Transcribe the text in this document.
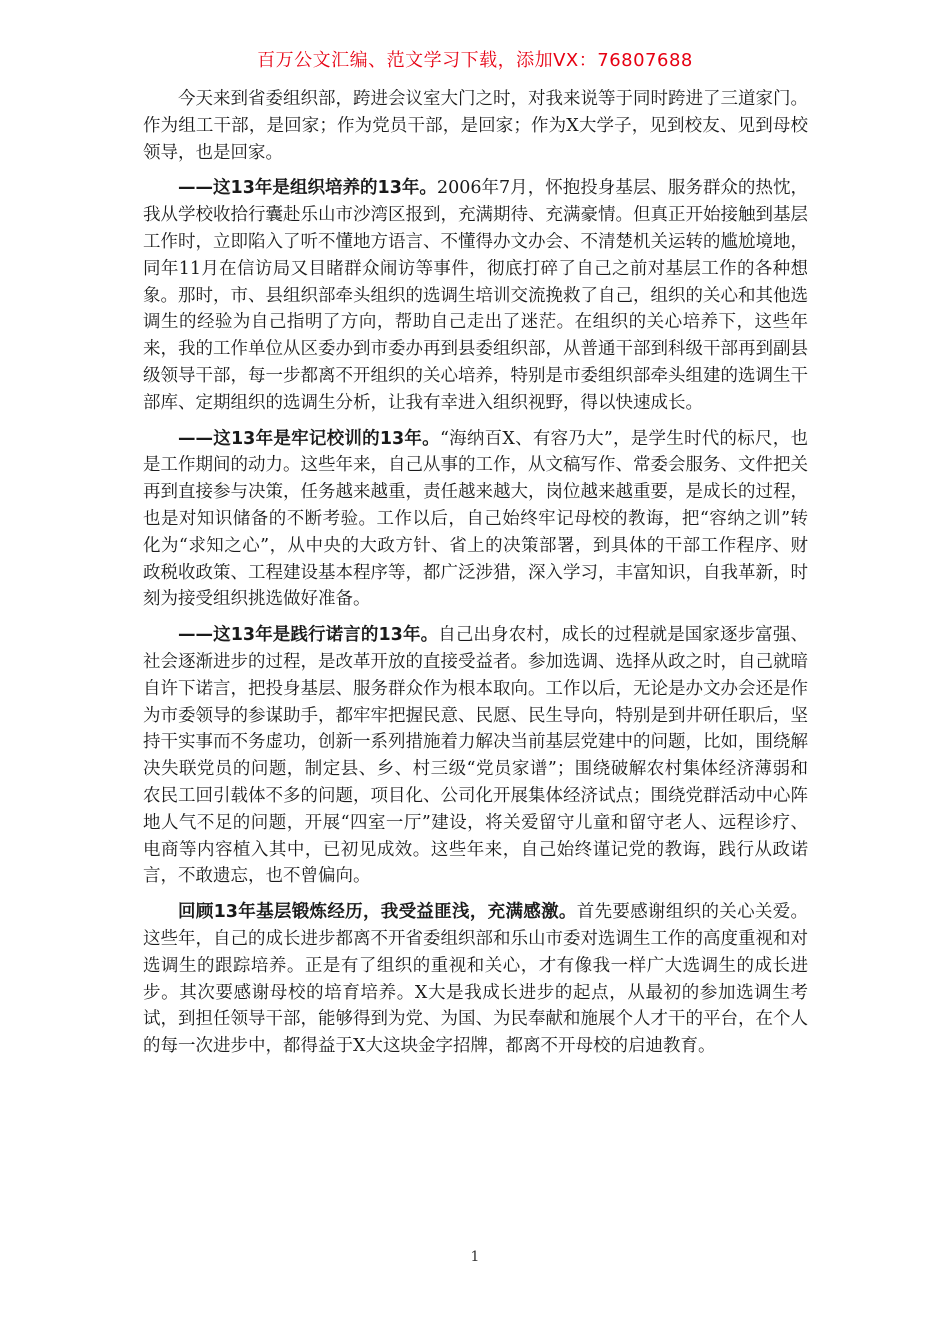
百万公文汇编、范文学习下载，添加VX：76807688

今天来到省委组织部，跨进会议室大门之时，对我来说等于同时跨进了三道家门。作为组工干部，是回家；作为党员干部，是回家；作为X大学子，见到校友、见到母校领导，也是回家。

——这13年是组织培养的13年。2006年7月，怀抱投身基层、服务群众的热忱，我从学校收拾行囊赴乐山市沙湾区报到，充满期待、充满豪情。但真正开始接触到基层工作时，立即陷入了听不懂地方语言、不懂得办文办会、不清楚机关运转的尴尬境地，同年11月在信访局又目睹群众闹访等事件，彻底打碎了自己之前对基层工作的各种想象。那时，市、县组织部牵头组织的选调生培训交流挽救了自己，组织的关心和其他选调生的经验为自己指明了方向，帮助自己走出了迷茫。在组织的关心培养下，这些年来，我的工作单位从区委办到市委办再到县委组织部，从普通干部到科级干部再到副县级领导干部，每一步都离不开组织的关心培养，特别是市委组织部牵头组建的选调生干部库、定期组织的选调生分析，让我有幸进入组织视野，得以快速成长。

——这13年是牢记校训的13年。“海纳百X、有容乃大”，是学生时代的标尺，也是工作期间的动力。这些年来，自己从事的工作，从文稿写作、常委会服务、文件把关再到直接参与决策，任务越来越重，责任越来越大，岗位越来越重要，是成长的过程，也是对知识储备的不断考验。工作以后，自己始终牢记母校的教诲，把“容纳之训”转化为“求知之心”，从中央的大政方针、省上的决策部署，到具体的干部工作程序、财政税收政策、工程建设基本程序等，都广泛涉猎，深入学习，丰富知识，自我革新，时刻为接受组织挑选做好准备。

——这13年是践行诺言的13年。自己出身农村，成长的过程就是国家逐步富强、社会逐渐进步的过程，是改革开放的直接受益者。参加选调、选择从政之时，自己就暗自许下诺言，把投身基层、服务群众作为根本取向。工作以后，无论是办文办会还是作为市委领导的参谋助手，都牢牢把握民意、民愿、民生导向，特别是到井研任职后，坚持干实事而不务虚功，创新一系列措施着力解决当前基层党建中的问题，比如，围绕解决失联党员的问题，制定县、乡、村三级“党员家谱”；围绕破解农村集体经济薄弱和农民工回引载体不多的问题，项目化、公司化开展集体经济试点；围绕党群活动中心阵地人气不足的问题，开展“四室一厅”建设，将关爱留守儿童和留守老人、远程诊疗、电商等内容植入其中，已初见成效。这些年来，自己始终谨记党的教诲，践行从政诺言，不敢遗忘，也不曾偏向。

回顾13年基层锻炼经历，我受益匪浅，充满感激。首先要感谢组织的关心关爱。这些年，自己的成长进步都离不开省委组织部和乐山市委对选调生工作的高度重视和对选调生的跟踪培养。正是有了组织的重视和关心，才有像我一样广大选调生的成长进步。其次要感谢母校的培育培养。X大是我成长进步的起点，从最初的参加选调生考试，到担任领导干部，能够得到为党、为国、为民奉献和施展个人才干的平台，在个人的每一次进步中，都得益于X大这块金字招牌，都离不开母校的启迪教育。

1
